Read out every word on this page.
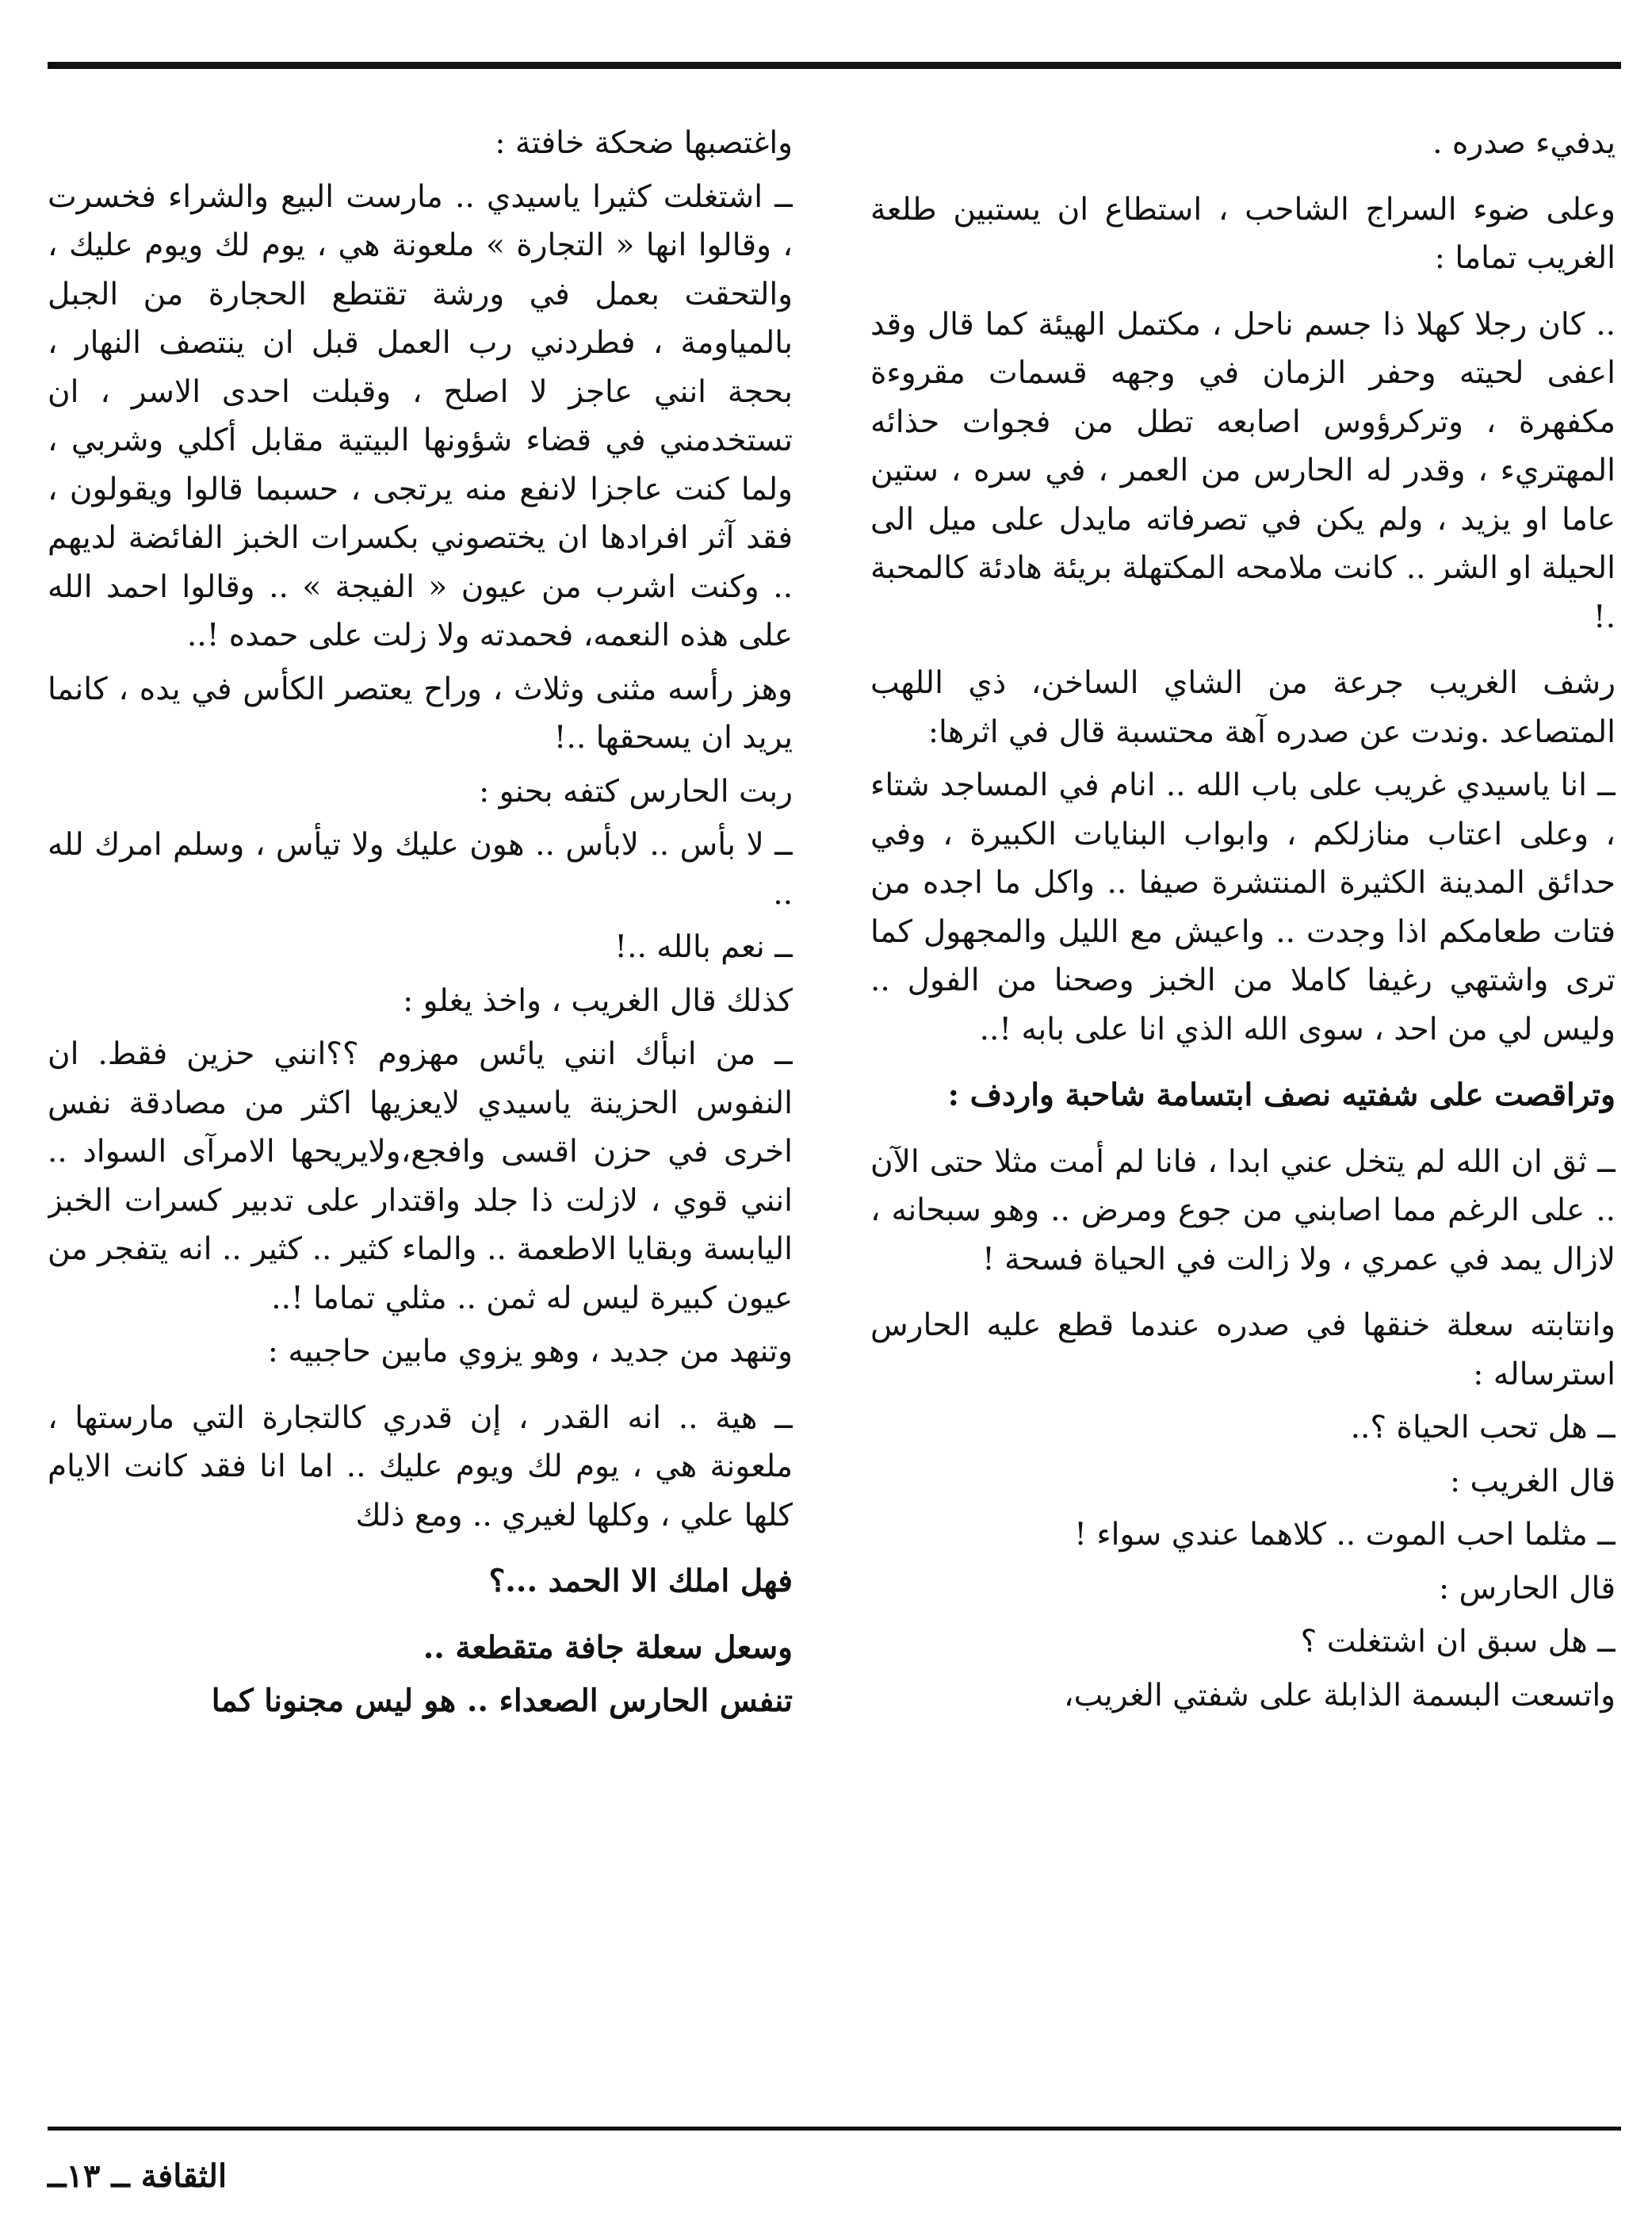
يدفيء صدره .

وعلى ضوء السراج الشاحب ، استطاع ان يستبين طلعة الغريب تماما :

.. كان رجلا كهلا ذا جسم ناحل ، مكتمل الهيئة كما قال وقد اعفى لحيته وحفر الزمان في وجهه قسمات مقروءة مكفهرة ، وتركرؤوس اصابعه تطل من فجوات حذائه المهتريء ، وقدر له الحارس من العمر ، في سره ، ستين عاما او يزيد ، ولم يكن في تصرفاته مايدل على ميل الى الحيلة او الشر .. كانت ملامحه المكتهلة بريئة هادئة كالمحبة .!

رشف الغريب جرعة من الشاي الساخن، ذي اللهب المتصاعد .وندت عن صدره آهة محتسبة قال في اثرها:

ــ انا ياسيدي غريب على باب الله .. انام في المساجد شتاء ، وعلى اعتاب منازلكم ، وابواب البنايات الكبيرة ، وفي حدائق المدينة الكثيرة المنتشرة صيفا .. واكل ما اجده من فتات طعامكم اذا وجدت .. واعيش مع الليل والمجهول كما ترى واشتهي رغيفا كاملا من الخبز وصحنا من الفول .. وليس لي من احد ، سوى الله الذي انا على بابه !..

وتراقصت على شفتيه نصف ابتسامة شاحبة واردف :

ــ ثق ان الله لم يتخل عني ابدا ، فانا لم أمت مثلا حتى الآن .. على الرغم مما اصابني من جوع ومرض .. وهو سبحانه ، لازال يمد في عمري ، ولا زالت في الحياة فسحة !

وانتابته سعلة خنقها في صدره عندما قطع عليه الحارس استرساله :

ــ هل تحب الحياة ؟..

قال الغريب :

ــ مثلما احب الموت .. كلاهما عندي سواء !

قال الحارس :

ــ هل سبق ان اشتغلت ؟

واتسعت البسمة الذابلة على شفتي الغريب،

واغتصبها ضحكة خافتة :

ــ اشتغلت كثيرا ياسيدي .. مارست البيع والشراء فخسرت ، وقالوا انها « التجارة » ملعونة هي ، يوم لك ويوم عليك ، والتحقت بعمل في ورشة تقتطع الحجارة من الجبل بالمياومة ، فطردني رب العمل قبل ان ينتصف النهار ، بحجة انني عاجز لا اصلح ، وقبلت احدى الاسر ، ان تستخدمني في قضاء شؤونها البيتية مقابل أكلي وشربي ، ولما كنت عاجزا لانفع منه يرتجى ، حسبما قالوا ويقولون ، فقد آثر افرادها ان يختصوني بكسرات الخبز الفائضة لديهم .. وكنت اشرب من عيون « الفيجة » .. وقالوا احمد الله على هذه النعمه، فحمدته ولا زلت على حمده !..

وهز رأسه مثنى وثلاث ، وراح يعتصر الكأس في يده ، كانما يريد ان يسحقها ..!

ربت الحارس كتفه بحنو :

ــ لا بأس .. لابأس .. هون عليك ولا تيأس ، وسلم امرك لله ..

ــ نعم بالله ..!

كذلك قال الغريب ، واخذ يغلو :

ــ من انبأك انني يائس مهزوم ؟؟انني حزين فقط. ان النفوس الحزينة ياسيدي لايعزيها اكثر من مصادقة نفس اخرى في حزن اقسى وافجع،ولايريحها الامرآى السواد .. انني قوي ، لازلت ذا جلد واقتدار على تدبير كسرات الخبز اليابسة وبقايا الاطعمة .. والماء كثير .. كثير .. انه يتفجر من عيون كبيرة ليس له ثمن .. مثلي تماما !..

وتنهد من جديد ، وهو يزوي مابين حاجبيه :

ــ هية .. انه القدر ، إن قدري كالتجارة التي مارستها ، ملعونة هي ، يوم لك ويوم عليك .. اما انا فقد كانت الايام كلها علي ، وكلها لغيري .. ومع ذلك

فهل املك الا الحمد ...؟

وسعل سعلة جافة متقطعة ..

تنفس الحارس الصعداء .. هو ليس مجنونا كما

الثقافة ــ ١٣ــ
